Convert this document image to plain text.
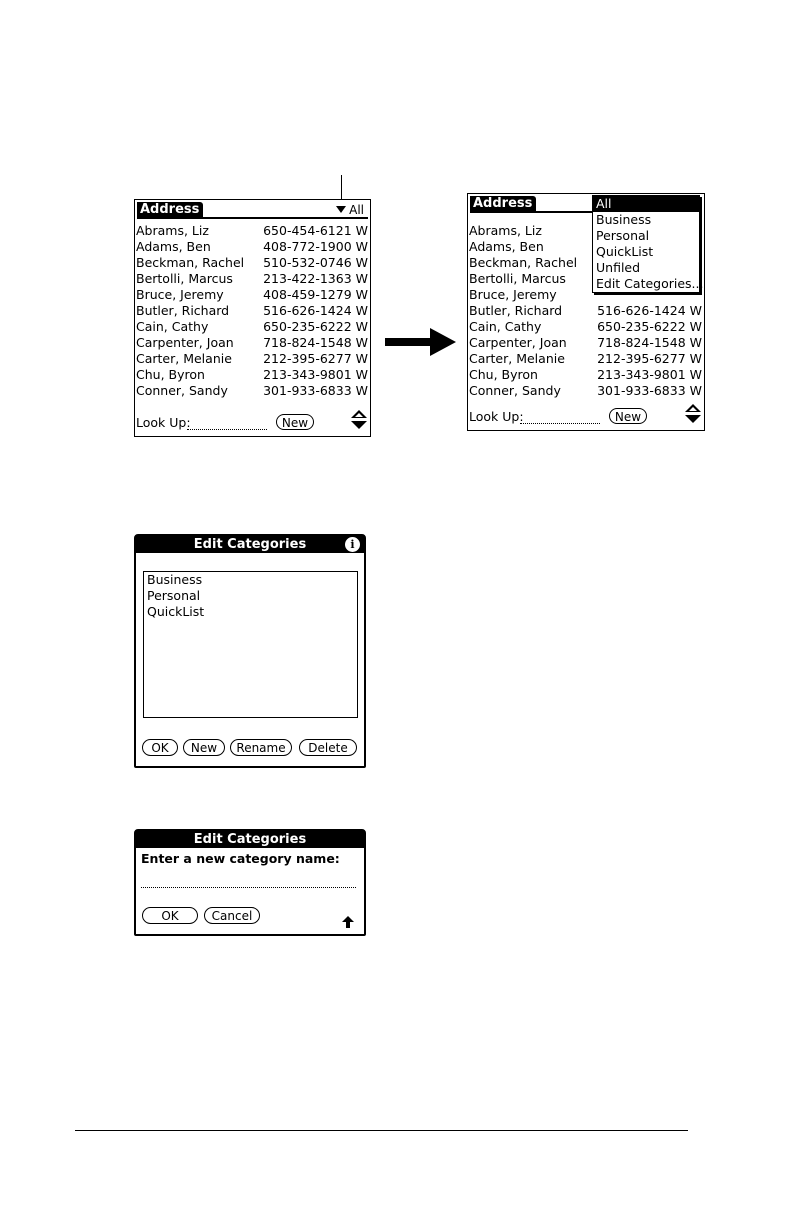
Address	All
Abrams, Liz	650-454-6121 W
Adams, Ben	408-772-1900 W
Beckman, Rachel 510-532-0746 W
Bertolli, Marcus 213-422-1363 W
Bruce, Jeremy	408-459-1279 W
Butler, Richard	516-626-1424 W
Cain, Cathy	650-235-6222 W
Carpenter, Joan 718-824-1548 W
Carter, Melanie 212-395-6277 W
Chu, Byron	213-343-9801 W
Conner, Sandy	301-933-6833 W
Look Up:	New
Address
Abrams, Liz
Adams, Ben
Beckman, Rachel
Bertolli, Marcus
Bruce, Jeremy
Butler, Richard	516-626-1424 W
Cain, Cathy	650-235-6222 W
Carpenter, Joan 718-824-1548 W
Carter, Melanie	212-395-6277 W
Chu, Byron	213-343-9801 W
Conner, Sandy	301-933-6833 W
All
Business
Personal
QuickList
Unfiled
Edit Categories...
Look Up:	New
Edit Categories	i
Business
Personal
QuickList
OK	New	Rename	Delete
Edit Categories
Enter a new category name:
OK	Cancel
